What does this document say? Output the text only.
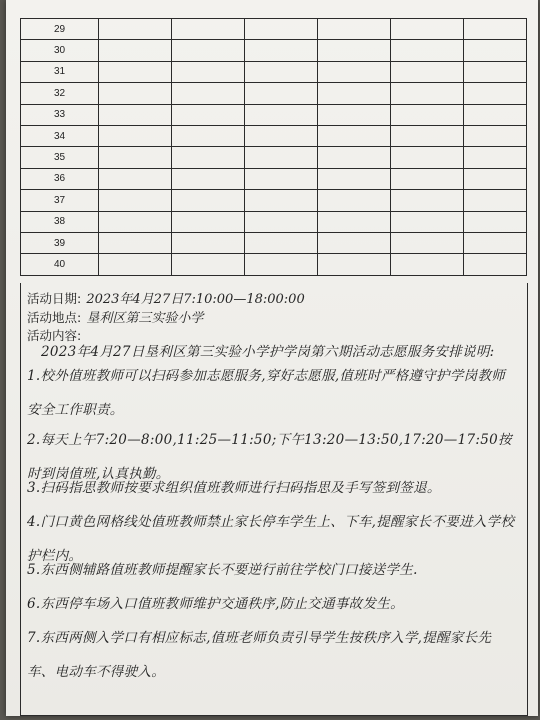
29						
30						
31						
32						
33						
34						
35						
36						
37						
38						
39						
40						
活动日期: 2023年4月27日7:10:00—18:00:00
活动地点: 垦利区第三实验小学
活动内容:
2023年4月27日垦利区第三实验小学护学岗第六期活动志愿服务安排说明:
1.校外值班教师可以扫码参加志愿服务,穿好志愿服,值班时严格遵守护学岗教师安全工作职责。
2.每天上午7:20—8:00,11:25—11:50;下午13:20—13:50,17:20—17:50按时到岗值班,认真执勤。
3.扫码指思教师按要求组织值班教师进行扫码指思及手写签到签退。
4.门口黄色网格线处值班教师禁止家长停车学生上、下车,提醒家长不要进入学校护栏内。
5.东西侧辅路值班教师提醒家长不要逆行前往学校门口接送学生.
6.东西停车场入口值班教师维护交通秩序,防止交通事故发生。
7.东西两侧入学口有相应标志,值班老师负责引导学生按秩序入学,提醒家长先车、电动车不得驶入。
